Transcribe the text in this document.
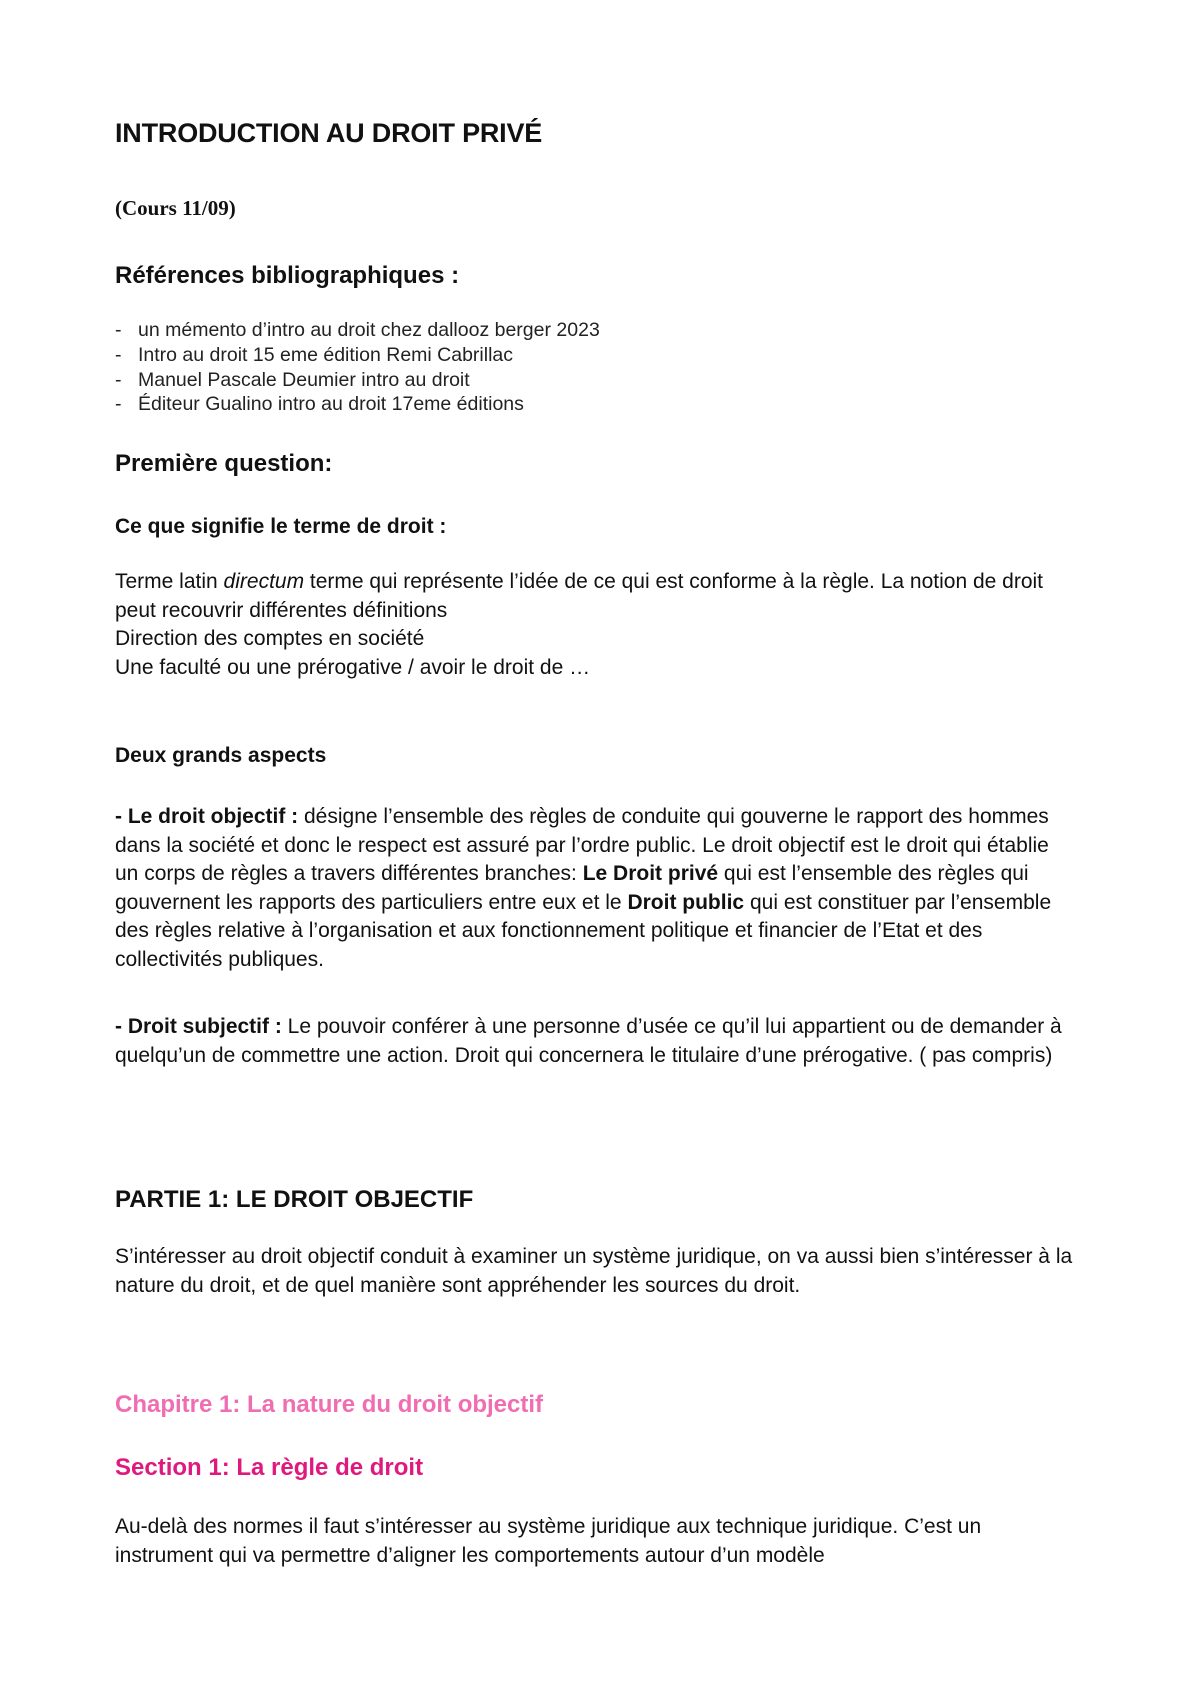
INTRODUCTION AU DROIT PRIVÉ
(Cours 11/09)
Références bibliographiques :
- un mémento d’intro au droit chez dallooz berger 2023
- Intro au droit 15 eme édition Remi Cabrillac
- Manuel Pascale Deumier intro au droit
- Éditeur Gualino intro au droit 17eme éditions
Première question:
Ce que signifie le terme de droit :
Terme latin directum terme qui représente l’idée de ce qui est conforme à la règle. La notion de droit peut recouvrir différentes définitions
Direction des comptes en société
Une faculté ou une prérogative / avoir le droit de …
Deux grands aspects
- Le droit objectif : désigne l’ensemble des règles de conduite qui gouverne le rapport des hommes dans la société et donc le respect est assuré par l’ordre public. Le droit objectif est le droit qui établie un corps de règles a travers différentes branches: Le Droit privé qui est l’ensemble des règles qui gouvernent les rapports des particuliers entre eux et le Droit public qui est constituer par l’ensemble des règles relative à l’organisation et aux fonctionnement politique et financier de l’Etat et des collectivités publiques.
- Droit subjectif : Le pouvoir conférer à une personne d’usée ce qu’il lui appartient ou de demander à quelqu’un de commettre une action. Droit qui concernera le titulaire d’une prérogative. ( pas compris)
PARTIE 1: LE DROIT OBJECTIF
S’intéresser au droit objectif conduit à examiner un système juridique, on va aussi bien s’intéresser à la nature du droit, et de quel manière sont appréhender les sources du droit.
Chapitre 1: La nature du droit objectif
Section 1: La règle de droit
Au-delà des normes il faut s’intéresser au système juridique aux technique juridique. C’est un instrument qui va permettre d’aligner les comportements autour d’un modèle
